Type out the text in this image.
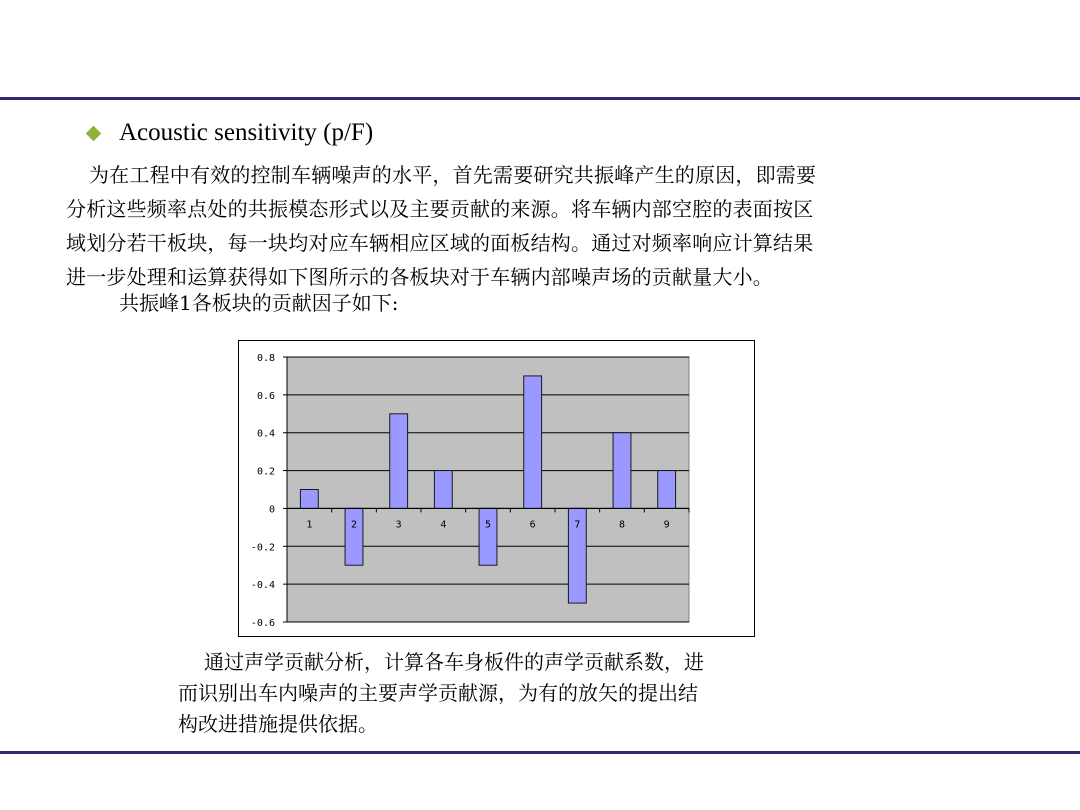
Acoustic sensitivity (p/F)
为在工程中有效的控制车辆噪声的水平，首先需要研究共振峰产生的原因，即需要
分析这些频率点处的共振模态形式以及主要贡献的来源。将车辆内部空腔的表面按区
域划分若干板块，每一块均对应车辆相应区域的面板结构。通过对频率响应计算结果
进一步处理和运算获得如下图所示的各板块对于车辆内部噪声场的贡献量大小。
共振峰1各板块的贡献因子如下:
0.8
0.6
0.4
0.2
0
-0.2
-0.4
-0.6
1	2	3	4	5	6	7	8	9
通过声学贡献分析，计算各车身板件的声学贡献系数，进
而识别出车内噪声的主要声学贡献源，为有的放矢的提出结
构改进措施提供依据。
